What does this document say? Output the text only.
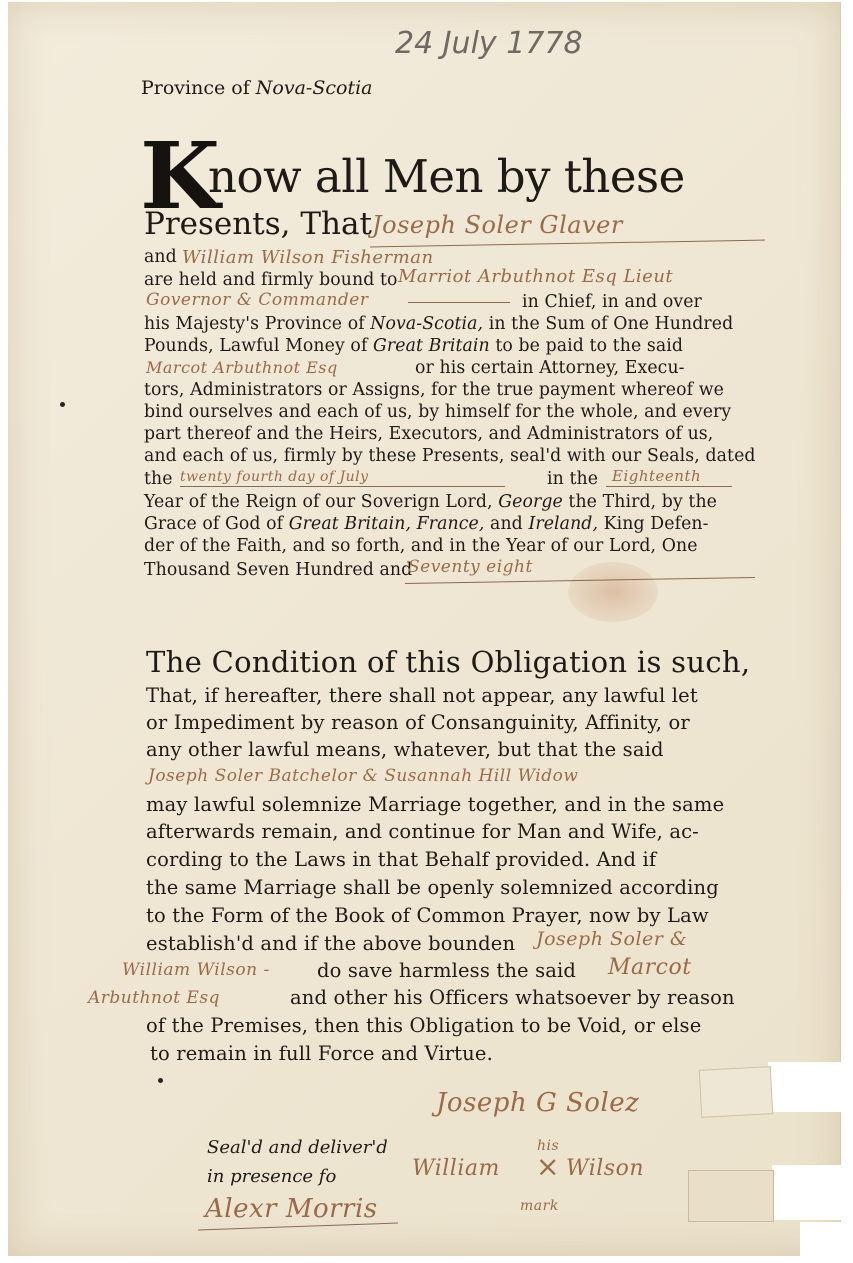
24 July 1778
Province of Nova-Scotia
K
now all Men by these
Presents, That Joseph Soler Glaver
and William Wilson Fisherman
are held and firmly bound to Marriot Arbuthnot Esq Lieut
Governor & Commander	in Chief, in and over
his Majesty's Province of Nova-Scotia, in the Sum of One Hundred
Pounds, Lawful Money of Great Britain to be paid to the said
Marcot Arbuthnot Esq	or his certain Attorney, Execu-
tors, Administrators or Assigns, for the true payment whereof we
bind ourselves and each of us, by himself for the whole, and every
part thereof and the Heirs, Executors, and Administrators of us,
and each of us, firmly by these Presents, seal'd with our Seals, dated
the twenty fourth day of July	in the Eighteenth
Year of the Reign of our Soverign Lord, George the Third, by the
Grace of God of Great Britain, France, and Ireland, King Defen-
der of the Faith, and so forth, and in the Year of our Lord, One
Thousand Seven Hundred and
Seventy eight
The Condition of this Obligation is such,
That, if hereafter, there shall not appear, any lawful let
or Impediment by reason of Consanguinity, Affinity, or
any other lawful means, whatever, but that the said
Joseph Soler Batchelor & Susannah Hill Widow
may lawful solemnize Marriage together, and in the same
afterwards remain, and continue for Man and Wife, ac-
cording to the Laws in that Behalf provided. And if
the same Marriage shall be openly solemnized according
to the Form of the Book of Common Prayer, now by Law
establish'd and if the above bounden Joseph Soler &
William Wilson - do save harmless the said Marcot
Arbuthnot Esq	and other his Officers whatsoever by reason
of the Premises, then this Obligation to be Void, or else
to remain in full Force and Virtue.
Seal'd and deliver'd
in presence fo
Alexr Morris
Joseph G Solez
his
William × Wilson
mark
